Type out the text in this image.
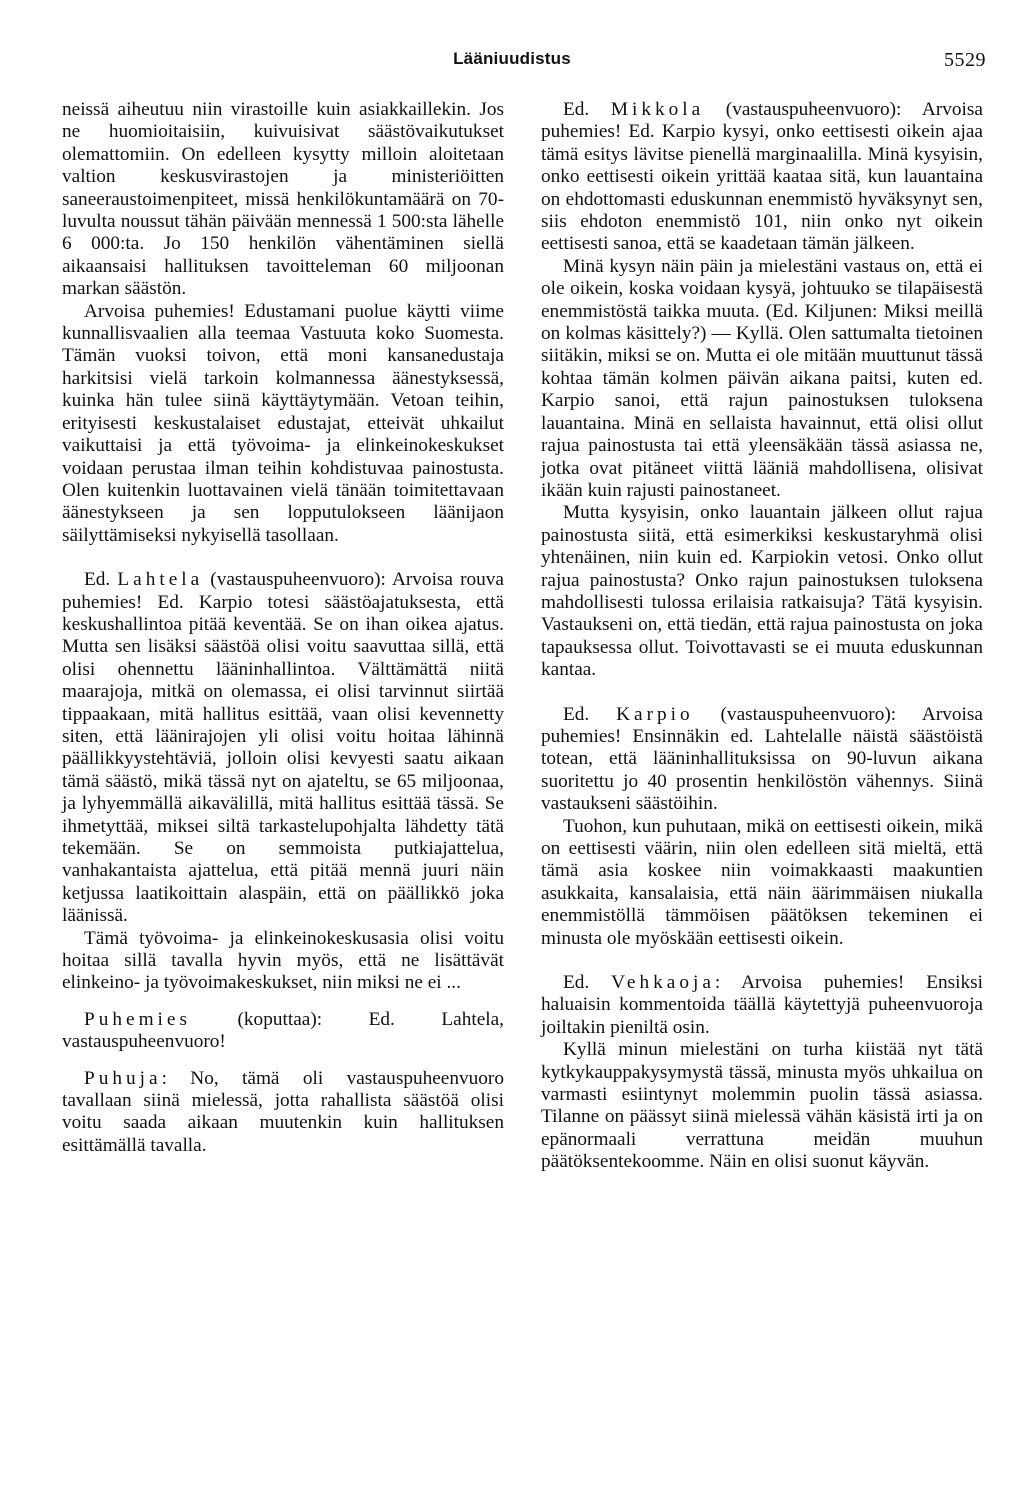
Lääniuudistus	5529

neissä aiheutuu niin virastoille kuin asiakkaillekin. Jos ne huomioitaisiin, kuivuisivat säästövaikutukset olemattomiin. On edelleen kysytty milloin aloitetaan valtion keskusvirastojen ja ministeriöitten saneeraustoimenpiteet, missä henkilökuntamäärä on 70-luvulta noussut tähän päivään mennessä 1 500:sta lähelle 6 000:ta. Jo 150 henkilön vähentäminen siellä aikaansaisi hallituksen tavoitteleman 60 miljoonan markan säästön.

Arvoisa puhemies! Edustamani puolue käytti viime kunnallisvaalien alla teemaa Vastuuta koko Suomesta. Tämän vuoksi toivon, että moni kansanedustaja harkitsisi vielä tarkoin kolmannessa äänestyksessä, kuinka hän tulee siinä käyttäytymään. Vetoan teihin, erityisesti keskustalaiset edustajat, etteivät uhkailut vaikuttaisi ja että työvoima- ja elinkeinokeskukset voidaan perustaa ilman teihin kohdistuvaa painostusta. Olen kuitenkin luottavainen vielä tänään toimitettavaan äänestykseen ja sen lopputulokseen läänijaon säilyttämiseksi nykyisellä tasollaan.

Ed. Lahtela (vastauspuheenvuoro): Arvoisa rouva puhemies! Ed. Karpio totesi säästöajatuksesta, että keskushallintoa pitää keventää. Se on ihan oikea ajatus. Mutta sen lisäksi säästöä olisi voitu saavuttaa sillä, että olisi ohennettu lääninhallintoa. Välttämättä niitä maarajoja, mitkä on olemassa, ei olisi tarvinnut siirtää tippaakaan, mitä hallitus esittää, vaan olisi kevennetty siten, että läänirajojen yli olisi voitu hoitaa lähinnä päällikkyystehtäviä, jolloin olisi kevyesti saatu aikaan tämä säästö, mikä tässä nyt on ajateltu, se 65 miljoonaa, ja lyhyemmällä aikavälillä, mitä hallitus esittää tässä. Se ihmetyttää, miksei siltä tarkastelupohjalta lähdetty tätä tekemään. Se on semmoista putkiajattelua, vanhakantaista ajattelua, että pitää mennä juuri näin ketjussa laatikoittain alaspäin, että on päällikkö joka läänissä.

Tämä työvoima- ja elinkeinokeskusasia olisi voitu hoitaa sillä tavalla hyvin myös, että ne lisättävät elinkeino- ja työvoimakeskukset, niin miksi ne ei ...

Puhemies (koputtaa): Ed. Lahtela, vastauspuheenvuoro!

Puhuja: No, tämä oli vastauspuheenvuoro tavallaan siinä mielessä, jotta rahallista säästöä olisi voitu saada aikaan muutenkin kuin hallituksen esittämällä tavalla.

Ed. Mikkola (vastauspuheenvuoro): Arvoisa puhemies! Ed. Karpio kysyi, onko eettisesti oikein ajaa tämä esitys lävitse pienellä marginaalilla. Minä kysyisin, onko eettisesti oikein yrittää kaataa sitä, kun lauantaina on ehdottomasti eduskunnan enemmistö hyväksynyt sen, siis ehdoton enemmistö 101, niin onko nyt oikein eettisesti sanoa, että se kaadetaan tämän jälkeen.

Minä kysyn näin päin ja mielestäni vastaus on, että ei ole oikein, koska voidaan kysyä, johtuuko se tilapäisestä enemmistöstä taikka muuta. (Ed. Kiljunen: Miksi meillä on kolmas käsittely?) — Kyllä. Olen sattumalta tietoinen siitäkin, miksi se on. Mutta ei ole mitään muuttunut tässä kohtaa tämän kolmen päivän aikana paitsi, kuten ed. Karpio sanoi, että rajun painostuksen tuloksena lauantaina. Minä en sellaista havainnut, että olisi ollut rajua painostusta tai että yleensäkään tässä asiassa ne, jotka ovat pitäneet viittä lääniä mahdollisena, olisivat ikään kuin rajusti painostaneet.

Mutta kysyisin, onko lauantain jälkeen ollut rajua painostusta siitä, että esimerkiksi keskustaryhmä olisi yhtenäinen, niin kuin ed. Karpiokin vetosi. Onko ollut rajua painostusta? Onko rajun painostuksen tuloksena mahdollisesti tulossa erilaisia ratkaisuja? Tätä kysyisin. Vastaukseni on, että tiedän, että rajua painostusta on joka tapauksessa ollut. Toivottavasti se ei muuta eduskunnan kantaa.

Ed. Karpio (vastauspuheenvuoro): Arvoisa puhemies! Ensinnäkin ed. Lahtelalle näistä säästöistä totean, että lääninhallituksissa on 90-luvun aikana suoritettu jo 40 prosentin henkilöstön vähennys. Siinä vastaukseni säästöihin.

Tuohon, kun puhutaan, mikä on eettisesti oikein, mikä on eettisesti väärin, niin olen edelleen sitä mieltä, että tämä asia koskee niin voimakkaasti maakuntien asukkaita, kansalaisia, että näin äärimmäisen niukalla enemmistöllä tämmöisen päätöksen tekeminen ei minusta ole myöskään eettisesti oikein.

Ed. Vehkaoja: Arvoisa puhemies! Ensiksi haluaisin kommentoida täällä käytettyjä puheenvuoroja joiltakin pieniltä osin.

Kyllä minun mielestäni on turha kiistää nyt tätä kytkykauppakysymystä tässä, minusta myös uhkailua on varmasti esiintynyt molemmin puolin tässä asiassa. Tilanne on päässyt siinä mielessä vähän käsistä irti ja on epänormaali verrattuna meidän muuhun päätöksentekoomme. Näin en olisi suonut käyvän.
